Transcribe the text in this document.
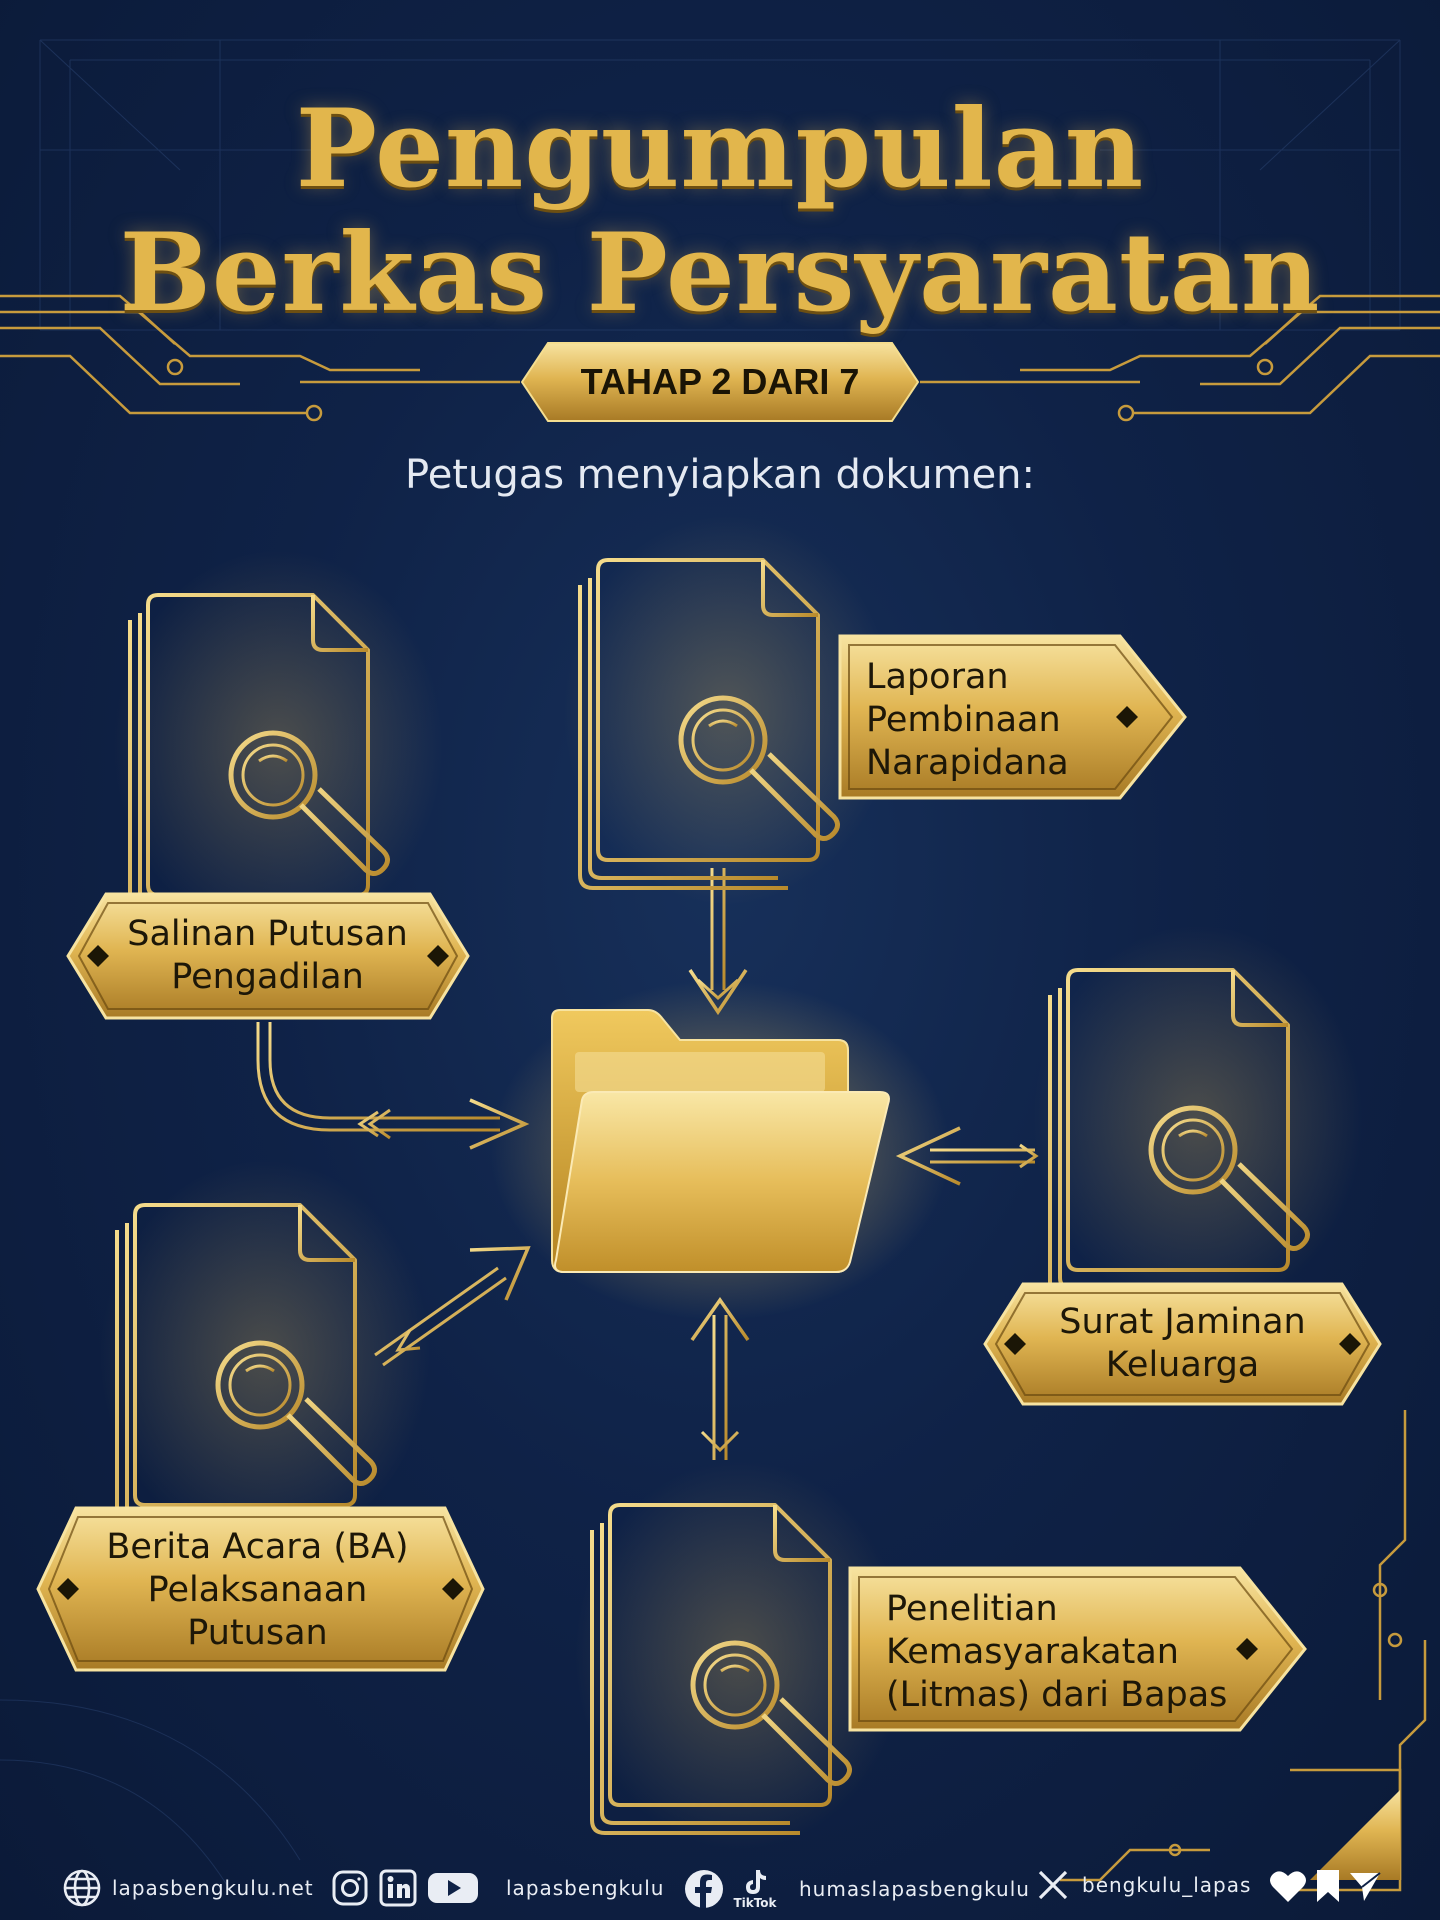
Pengumpulan
Berkas Persyaratan
TAHAP 2 DARI 7
Petugas menyiapkan dokumen:
Salinan Putusan
Pengadilan
Laporan
Pembinaan
Narapidana
Surat Jaminan
Keluarga
Berita Acara (BA)
Pelaksanaan
Putusan
Penelitian
Kemasyarakatan
(Litmas) dari Bapas
lapasbengkulu.net	lapasbengkulu
TikTok
humaslapasbengkulu	bengkulu_lapas
